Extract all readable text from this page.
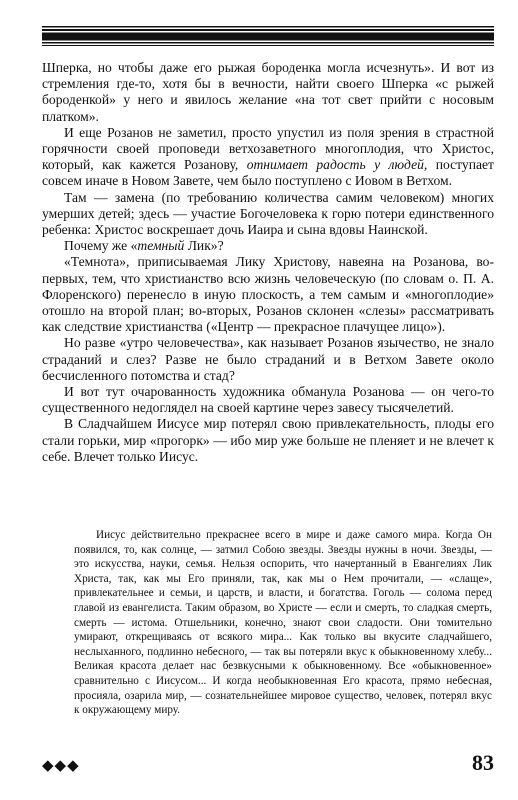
Шперка, но чтобы даже его рыжая бороденка могла исчезнуть». И вот из стремления где-то, хотя бы в вечности, найти своего Шперка «с рыжей бороденкой» у него и явилось желание «на тот свет прийти с носовым платком».

И еще Розанов не заметил, просто упустил из поля зрения в страстной горячности своей проповеди ветхозаветного многоплодия, что Христос, который, как кажется Розанову, отнимает радость у людей, поступает совсем иначе в Новом Завете, чем было поступлено с Иовом в Ветхом.

Там — замена (по требованию количества самим человеком) многих умерших детей; здесь — участие Богочеловека к горю потери единственного ребенка: Христос воскрешает дочь Иаира и сына вдовы Наинской.

Почему же «темный Лик»?

«Темнота», приписываемая Лику Христову, навеяна на Розанова, во-первых, тем, что христианство всю жизнь человеческую (по словам о. П. А. Флоренского) перенесло в иную плоскость, а тем самым и «многоплодие» отошло на второй план; во-вторых, Розанов склонен «слезы» рассматривать как следствие христианства («Центр — прекрасное плачущее лицо»).

Но разве «утро человечества», как называет Розанов язычество, не знало страданий и слез? Разве не было страданий и в Ветхом Завете около бесчисленного потомства и стад?

И вот тут очарованность художника обманула Розанова — он чего-то существенного недоглядел на своей картине через завесу тысячелетий.

В Сладчайшем Иисусе мир потерял свою привлекательность, плоды его стали горьки, мир «прогорк» — ибо мир уже больше не пленяет и не влечет к себе. Влечет только Иисус.

Иисус действительно прекраснее всего в мире и даже самого мира. Когда Он появился, то, как солнце, — затмил Собою звезды. Звезды нужны в ночи. Звезды, — это искусства, науки, семья. Нельзя оспорить, что начертанный в Евангелиях Лик Христа, так, как мы Его приняли, так, как мы о Нем прочитали, — «слаще», привлекательнее и семьи, и царств, и власти, и богатства. Гоголь — солома перед главой из евангелиста. Таким образом, во Христе — если и смерть, то сладкая смерть, смерть — истома. Отшельники, конечно, знают свои сладости. Они томительно умирают, открещиваясь от всякого мира... Как только вы вкусите сладчайшего, неслыханного, подлинно небесного, — так вы потеряли вкус к обыкновенному хлебу... Великая красота делает нас безвкусными к обыкновенному. Все «обыкновенное» сравнительно с Иисусом... И когда необыкновенная Его красота, прямо небесная, просияла, озарила мир, — сознательнейшее мировое существо, человек, потерял вкус к окружающему миру.

◆◆◆	83
